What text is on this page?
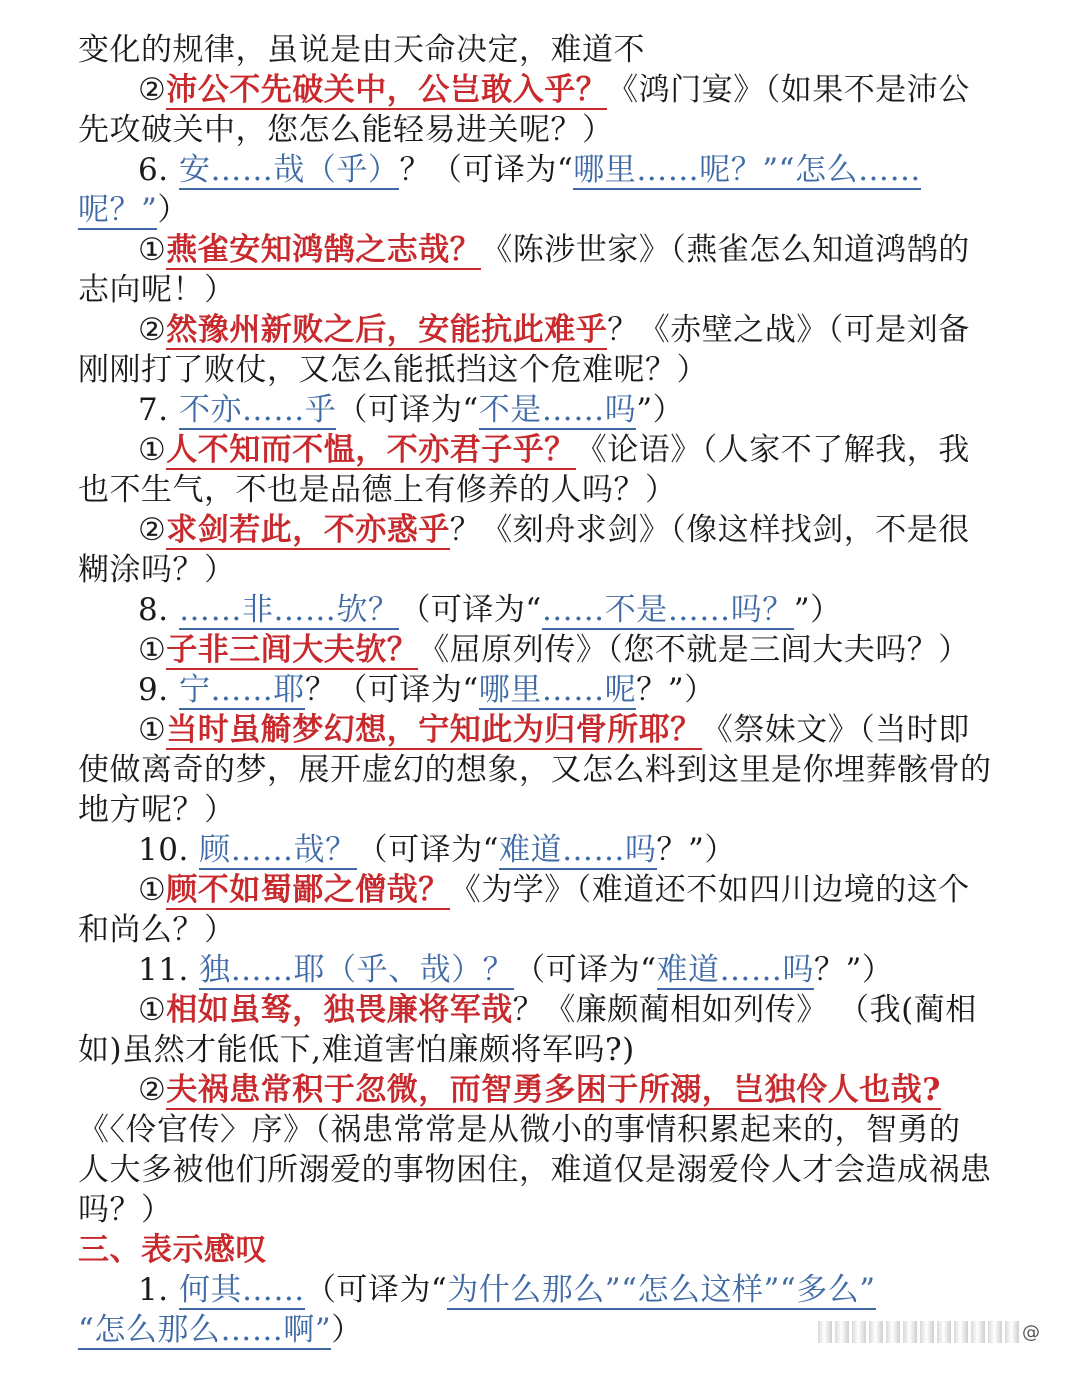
变化的规律，虽说是由天命决定，难道不
②沛公不先破关中，公岂敢入乎？《鸿门宴》（如果不是沛公
先攻破关中，您怎么能轻易进关呢？）
6. 安……哉（乎）？（可译为“哪里……呢？”“怎么……
呢？”）
①燕雀安知鸿鹄之志哉？《陈涉世家》（燕雀怎么知道鸿鹄的
志向呢！）
②然豫州新败之后，安能抗此难乎？《赤壁之战》（可是刘备
刚刚打了败仗，又怎么能抵挡这个危难呢？）
7. 不亦……乎（可译为“不是……吗”）
①人不知而不愠，不亦君子乎？《论语》（人家不了解我，我
也不生气，不也是品德上有修养的人吗？）
②求剑若此，不亦惑乎？《刻舟求剑》（像这样找剑，不是很
糊涂吗？）
8. ……非……欤？（可译为“……不是……吗？”）
①子非三闾大夫欤？《屈原列传》（您不就是三闾大夫吗？）
9. 宁……耶？（可译为“哪里……呢？”）
①当时虽觭梦幻想，宁知此为归骨所耶？《祭妹文》（当时即
使做离奇的梦，展开虚幻的想象，又怎么料到这里是你埋葬骸骨的
地方呢？）
10. 顾……哉？（可译为“难道……吗？”）
①顾不如蜀鄙之僧哉？《为学》（难道还不如四川边境的这个
和尚么？）
11. 独……耶（乎、哉）？（可译为“难道……吗？”）
①相如虽驽，独畏廉将军哉？《廉颇蔺相如列传》 （我(蔺相
如)虽然才能低下,难道害怕廉颇将军吗?)
②夫祸患常积于忽微，而智勇多困于所溺，岂独伶人也哉?
《〈伶官传〉序》（祸患常常是从微小的事情积累起来的，智勇的
人大多被他们所溺爱的事物困住，难道仅是溺爱伶人才会造成祸患
吗？）
三、表示感叹
1. 何其……（可译为“为什么那么”“怎么这样”“多么”
“怎么那么……啊”）	@
